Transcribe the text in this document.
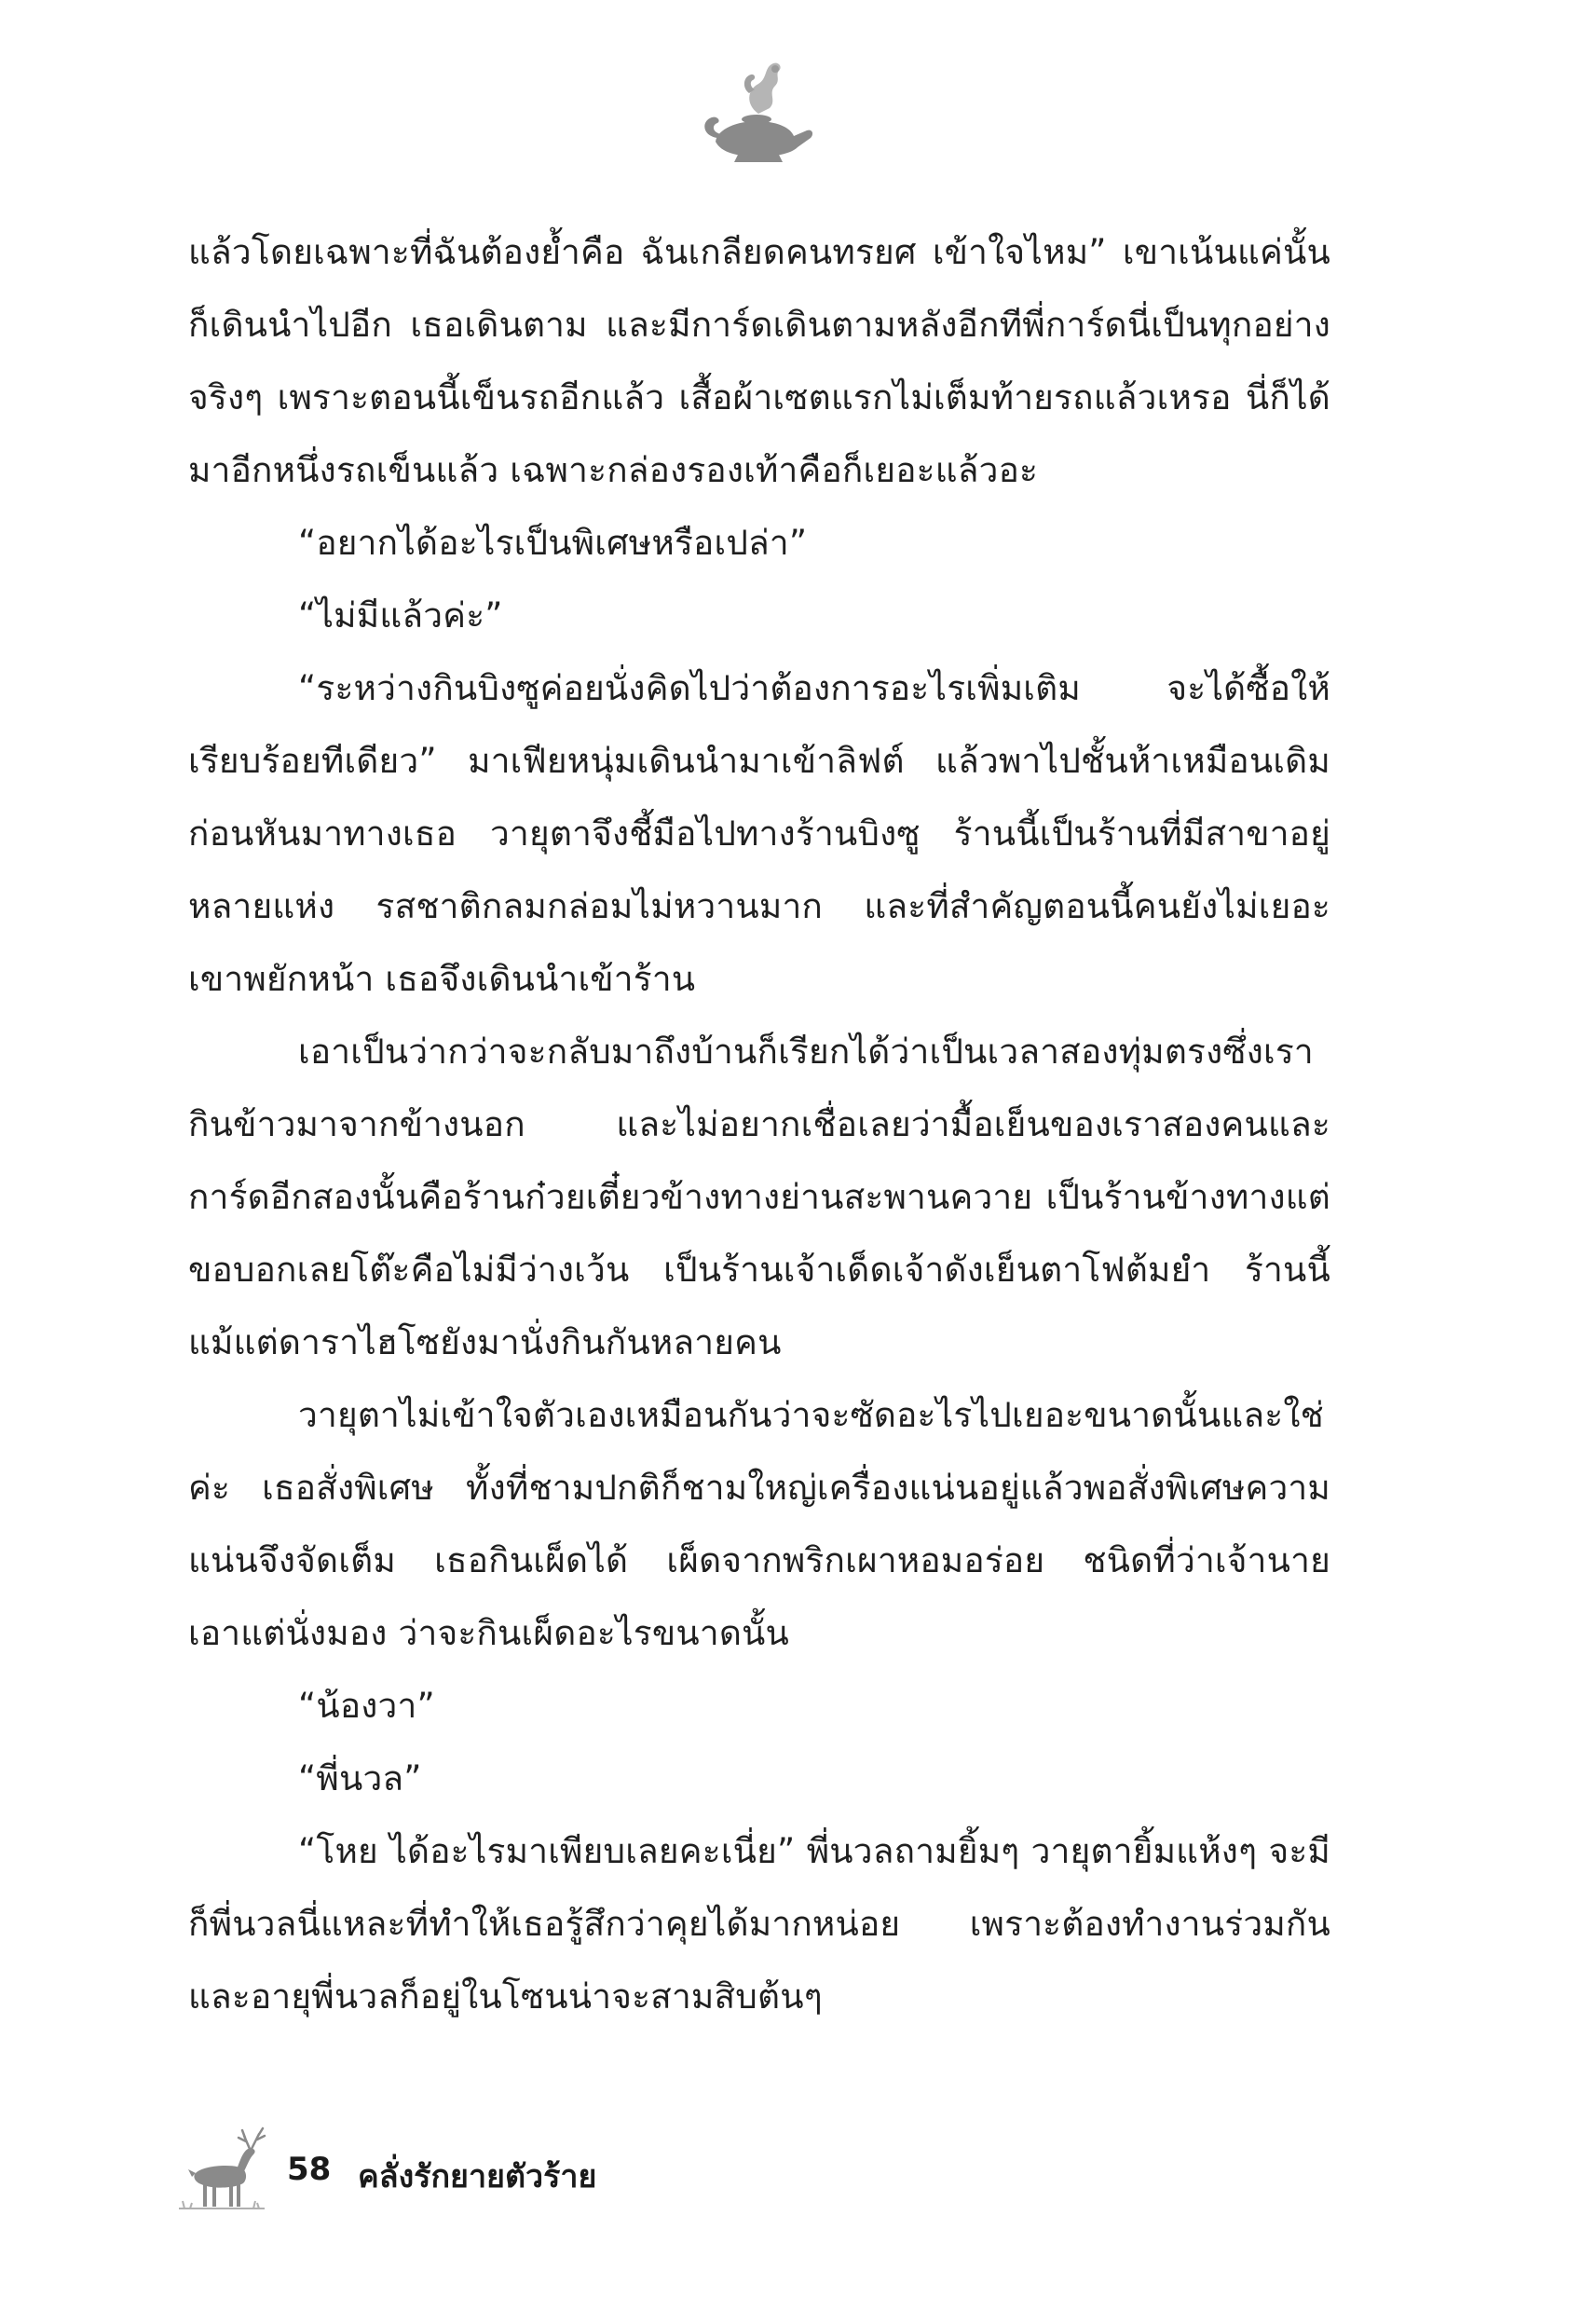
แล้วโดยเฉพาะที่ฉันต้องย้ำคือ ฉันเกลียดคนทรยศ เข้าใจไหม” เขาเน้นแค่นั้นก็เดินนำไปอีก เธอเดินตาม และมีการ์ดเดินตามหลังอีกทีพี่การ์ดนี่เป็นทุกอย่างจริงๆ เพราะตอนนี้เข็นรถอีกแล้ว เสื้อผ้าเซตแรกไม่เต็มท้ายรถแล้วเหรอ นี่ก็ได้มาอีกหนึ่งรถเข็นแล้ว เฉพาะกล่องรองเท้าคือก็เยอะแล้วอะ

“อยากได้อะไรเป็นพิเศษหรือเปล่า”

“ไม่มีแล้วค่ะ”

“ระหว่างกินบิงซูค่อยนั่งคิดไปว่าต้องการอะไรเพิ่มเติม จะได้ซื้อให้เรียบร้อยทีเดียว” มาเฟียหนุ่มเดินนำมาเข้าลิฟต์ แล้วพาไปชั้นห้าเหมือนเดิม ก่อนหันมาทางเธอ วายุตาจึงชี้มือไปทางร้านบิงซู ร้านนี้เป็นร้านที่มีสาขาอยู่หลายแห่ง รสชาติกลมกล่อมไม่หวานมาก และที่สำคัญตอนนี้คนยังไม่เยอะ เขาพยักหน้า เธอจึงเดินนำเข้าร้าน

เอาเป็นว่ากว่าจะกลับมาถึงบ้านก็เรียกได้ว่าเป็นเวลาสองทุ่มตรงซึ่งเรากินข้าวมาจากข้างนอก และไม่อยากเชื่อเลยว่ามื้อเย็นของเราสองคนและการ์ดอีกสองนั้นคือร้านก๋วยเตี๋ยวข้างทางย่านสะพานควาย เป็นร้านข้างทางแต่ขอบอกเลยโต๊ะคือไม่มีว่างเว้น เป็นร้านเจ้าเด็ดเจ้าดังเย็นตาโฟต้มยำ ร้านนี้แม้แต่ดาราไฮโซยังมานั่งกินกันหลายคน

วายุตาไม่เข้าใจตัวเองเหมือนกันว่าจะซัดอะไรไปเยอะขนาดนั้นและใช่ค่ะ เธอสั่งพิเศษ ทั้งที่ชามปกติก็ชามใหญ่เครื่องแน่นอยู่แล้วพอสั่งพิเศษความแน่นจึงจัดเต็ม เธอกินเผ็ดได้ เผ็ดจากพริกเผาหอมอร่อย ชนิดที่ว่าเจ้านายเอาแต่นั่งมอง ว่าจะกินเผ็ดอะไรขนาดนั้น

“น้องวา”

“พี่นวล”

“โหย ได้อะไรมาเพียบเลยคะเนี่ย” พี่นวลถามยิ้มๆ วายุตายิ้มแห้งๆ จะมีก็พี่นวลนี่แหละที่ทำให้เธอรู้สึกว่าคุยได้มากหน่อย เพราะต้องทำงานร่วมกันและอายุพี่นวลก็อยู่ในโซนน่าจะสามสิบต้นๆ

58 คลั่งรักยายตัวร้าย
